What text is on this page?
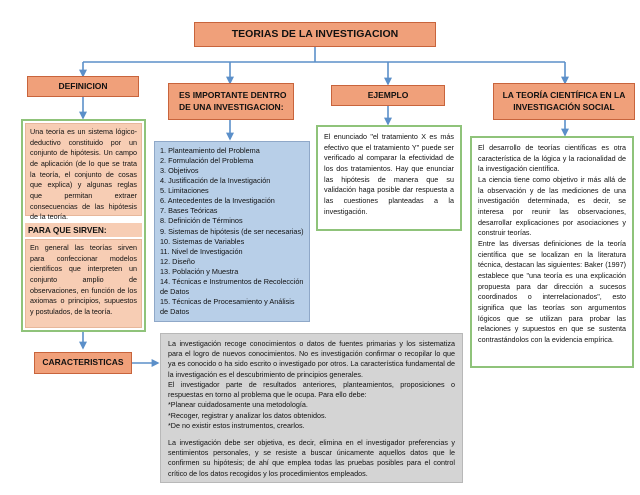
TEORIAS DE LA INVESTIGACION
DEFINICION
ES IMPORTANTE DENTRO DE UNA INVESTIGACION:
EJEMPLO	LA TEORÍA CIENTÍFICA EN LA INVESTIGACIÓN SOCIAL
CARACTERISTICAS

Una teoría es un sistema lógico-deductivo constituido por un conjunto de hipótesis. Un campo de aplicación (de lo que se trata la teoría, el conjunto de cosas que explica) y algunas reglas que permitan extraer consecuencias de las hipótesis de la teoría.

PARA QUE SIRVEN:

En general las teorías sirven para confeccionar modelos científicos que interpreten un conjunto amplio de observaciones, en función de los axiomas o principios, supuestos y postulados, de la teoría.

1. Planteamiento del Problema
2. Formulación del Problema
3. Objetivos
4. Justificación de la Investigación
5. Limitaciones
6. Antecedentes de la Investigación
7. Bases Teóricas
8. Definición de Términos
9. Sistemas de hipótesis (de ser necesarias)
10. Sistemas de Variables
11. Nivel de Investigación
12. Diseño
13. Población y Muestra
14. Técnicas e Instrumentos de Recolección de Datos
15. Técnicas de Procesamiento y Análisis de Datos

El enunciado "el tratamiento X es más efectivo que el tratamiento Y" puede ser verificado al comparar la efectividad de los dos tratamientos. Hay que enunciar las hipótesis de manera que su validación haga posible dar respuesta a las cuestiones planteadas a la investigación.

El desarrollo de teorías científicas es otra característica de la lógica y la racionalidad de la investigación científica.

La ciencia tiene como objetivo ir más allá de la observación y de las mediciones de una investigación determinada, es decir, se interesa por reunir las observaciones, desarrollar explicaciones por asociaciones y construir teorías.

Entre las diversas definiciones de la teoría científica que se localizan en la literatura técnica, destacan las siguientes: Baker (1997) establece que "una teoría es una explicación propuesta para dar dirección a sucesos coordinados o interrelacionados", esto significa que las teorías son argumentos lógicos que se utilizan para probar las relaciones y supuestos en que se sustenta contrastándolos con la evidencia empírica.

La investigación recoge conocimientos o datos de fuentes primarias y los sistematiza para el logro de nuevos conocimientos. No es investigación confirmar o recopilar lo que ya es conocido o ha sido escrito o investigado por otros. La característica fundamental de la investigación es el descubrimiento de principios generales.

El investigador parte de resultados anteriores, planteamientos, proposiciones o respuestas en torno al problema que le ocupa. Para ello debe:

*Planear cuidadosamente una metodología.

*Recoger, registrar y analizar los datos obtenidos.

*De no existir estos instrumentos, crearlos.

La investigación debe ser objetiva, es decir, elimina en el investigador preferencias y sentimientos personales, y se resiste a buscar únicamente aquellos datos que le confirmen su hipótesis; de ahí que emplea todas las pruebas posibles para el control crítico de los datos recogidos y los procedimientos empleados.
